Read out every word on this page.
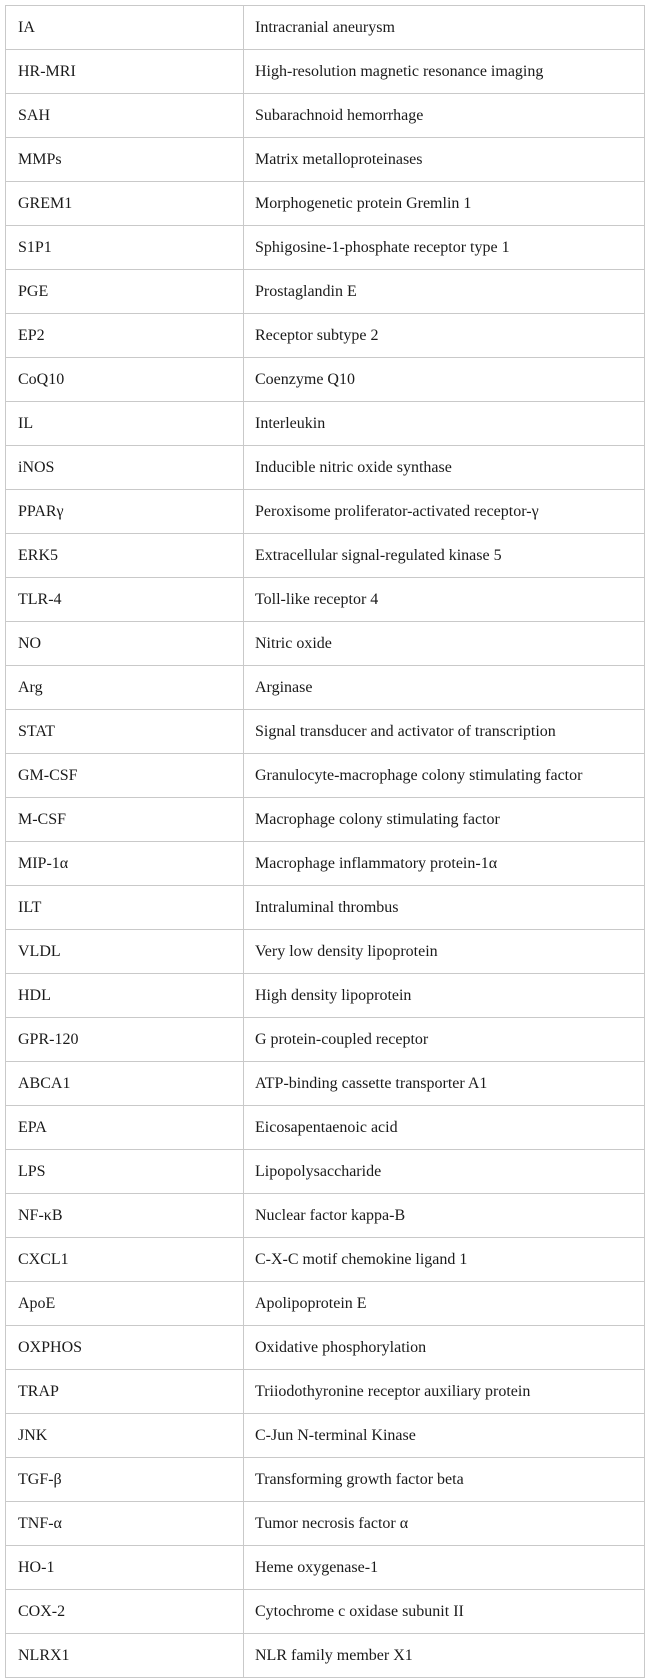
IA	Intracranial aneurysm
HR-MRI	High-resolution magnetic resonance imaging
SAH	Subarachnoid hemorrhage
MMPs	Matrix metalloproteinases
GREM1	Morphogenetic protein Gremlin 1
S1P1	Sphigosine-1-phosphate receptor type 1
PGE	Prostaglandin E
EP2	Receptor subtype 2
CoQ10	Coenzyme Q10
IL	Interleukin
iNOS	Inducible nitric oxide synthase
PPARγ	Peroxisome proliferator-activated receptor-γ
ERK5	Extracellular signal-regulated kinase 5
TLR-4	Toll-like receptor 4
NO	Nitric oxide
Arg	Arginase
STAT	Signal transducer and activator of transcription
GM-CSF	Granulocyte-macrophage colony stimulating factor
M-CSF	Macrophage colony stimulating factor
MIP-1α	Macrophage inflammatory protein-1α
ILT	Intraluminal thrombus
VLDL	Very low density lipoprotein
HDL	High density lipoprotein
GPR-120	G protein-coupled receptor
ABCA1	ATP-binding cassette transporter A1
EPA	Eicosapentaenoic acid
LPS	Lipopolysaccharide
NF-κB	Nuclear factor kappa-B
CXCL1	C-X-C motif chemokine ligand 1
ApoE	Apolipoprotein E
OXPHOS	Oxidative phosphorylation
TRAP	Triiodothyronine receptor auxiliary protein
JNK	C-Jun N-terminal Kinase
TGF-β	Transforming growth factor beta
TNF-α	Tumor necrosis factor α
HO-1	Heme oxygenase-1
COX-2	Cytochrome c oxidase subunit II
NLRX1	NLR family member X1
